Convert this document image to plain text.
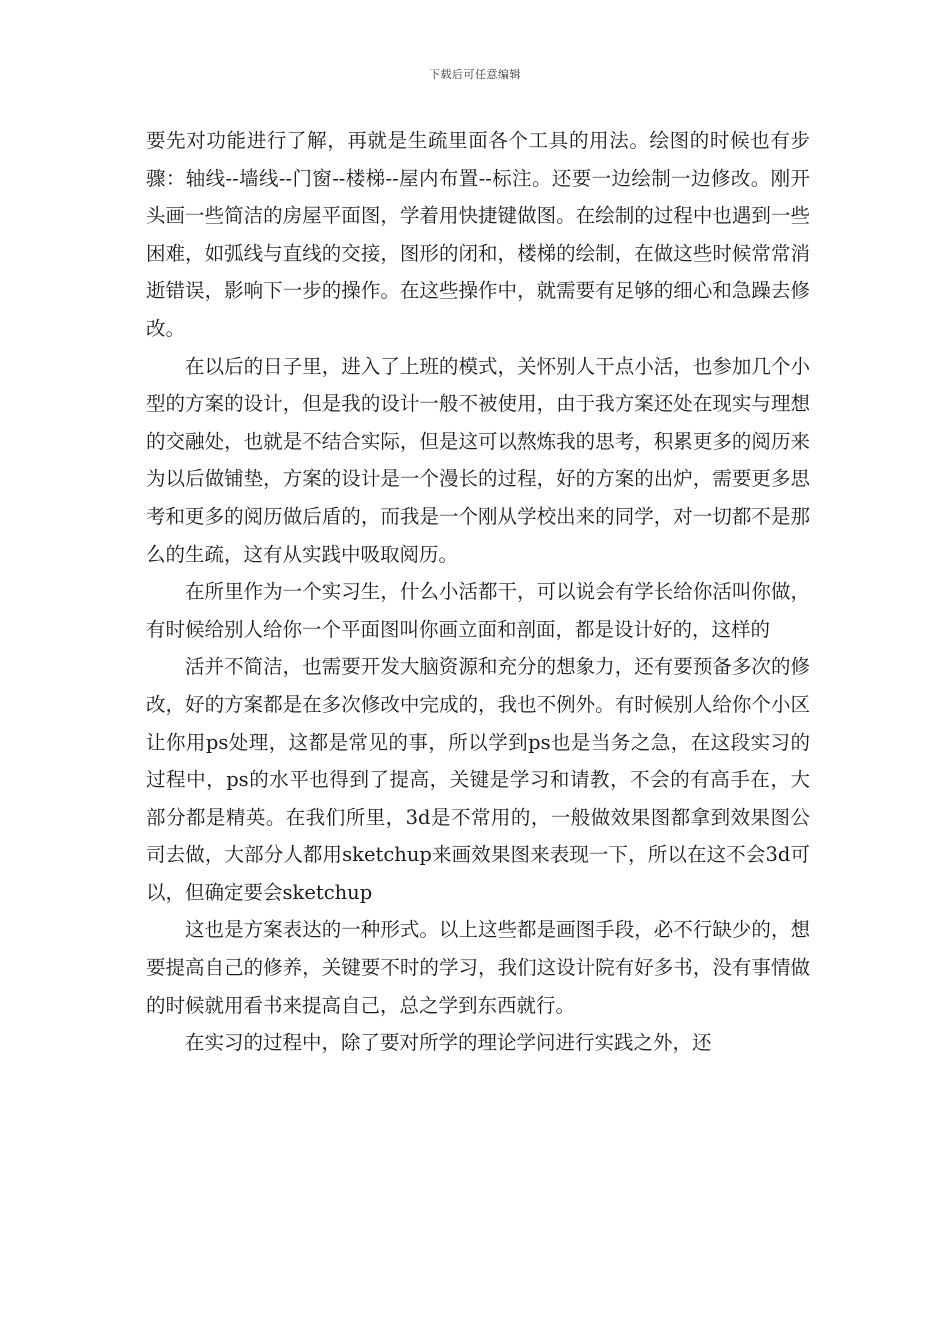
下载后可任意编辑

要先对功能进行了解，再就是生疏里面各个工具的用法。绘图的时候也有步骤：轴线--墙线--门窗--楼梯--屋内布置--标注。还要一边绘制一边修改。刚开头画一些简洁的房屋平面图，学着用快捷键做图。在绘制的过程中也遇到一些困难，如弧线与直线的交接，图形的闭和，楼梯的绘制，在做这些时候常常消逝错误，影响下一步的操作。在这些操作中，就需要有足够的细心和急躁去修改。

在以后的日子里，进入了上班的模式，关怀别人干点小活，也参加几个小型的方案的设计，但是我的设计一般不被使用，由于我方案还处在现实与理想的交融处，也就是不结合实际，但是这可以熬炼我的思考，积累更多的阅历来为以后做铺垫，方案的设计是一个漫长的过程，好的方案的出炉，需要更多思考和更多的阅历做后盾的，而我是一个刚从学校出来的同学，对一切都不是那么的生疏，这有从实践中吸取阅历。

在所里作为一个实习生，什么小活都干，可以说会有学长给你活叫你做，有时候给别人给你一个平面图叫你画立面和剖面，都是设计好的，这样的

活并不简洁，也需要开发大脑资源和充分的想象力，还有要预备多次的修改，好的方案都是在多次修改中完成的，我也不例外。有时候别人给你个小区让你用ps处理，这都是常见的事，所以学到ps也是当务之急，在这段实习的过程中，ps的水平也得到了提高，关键是学习和请教，不会的有高手在，大部分都是精英。在我们所里，3d是不常用的，一般做效果图都拿到效果图公司去做，大部分人都用sketchup来画效果图来表现一下，所以在这不会3d可以，但确定要会sketchup

这也是方案表达的一种形式。以上这些都是画图手段，必不行缺少的，想要提高自己的修养，关键要不时的学习，我们这设计院有好多书，没有事情做的时候就用看书来提高自己，总之学到东西就行。

在实习的过程中，除了要对所学的理论学问进行实践之外，还
